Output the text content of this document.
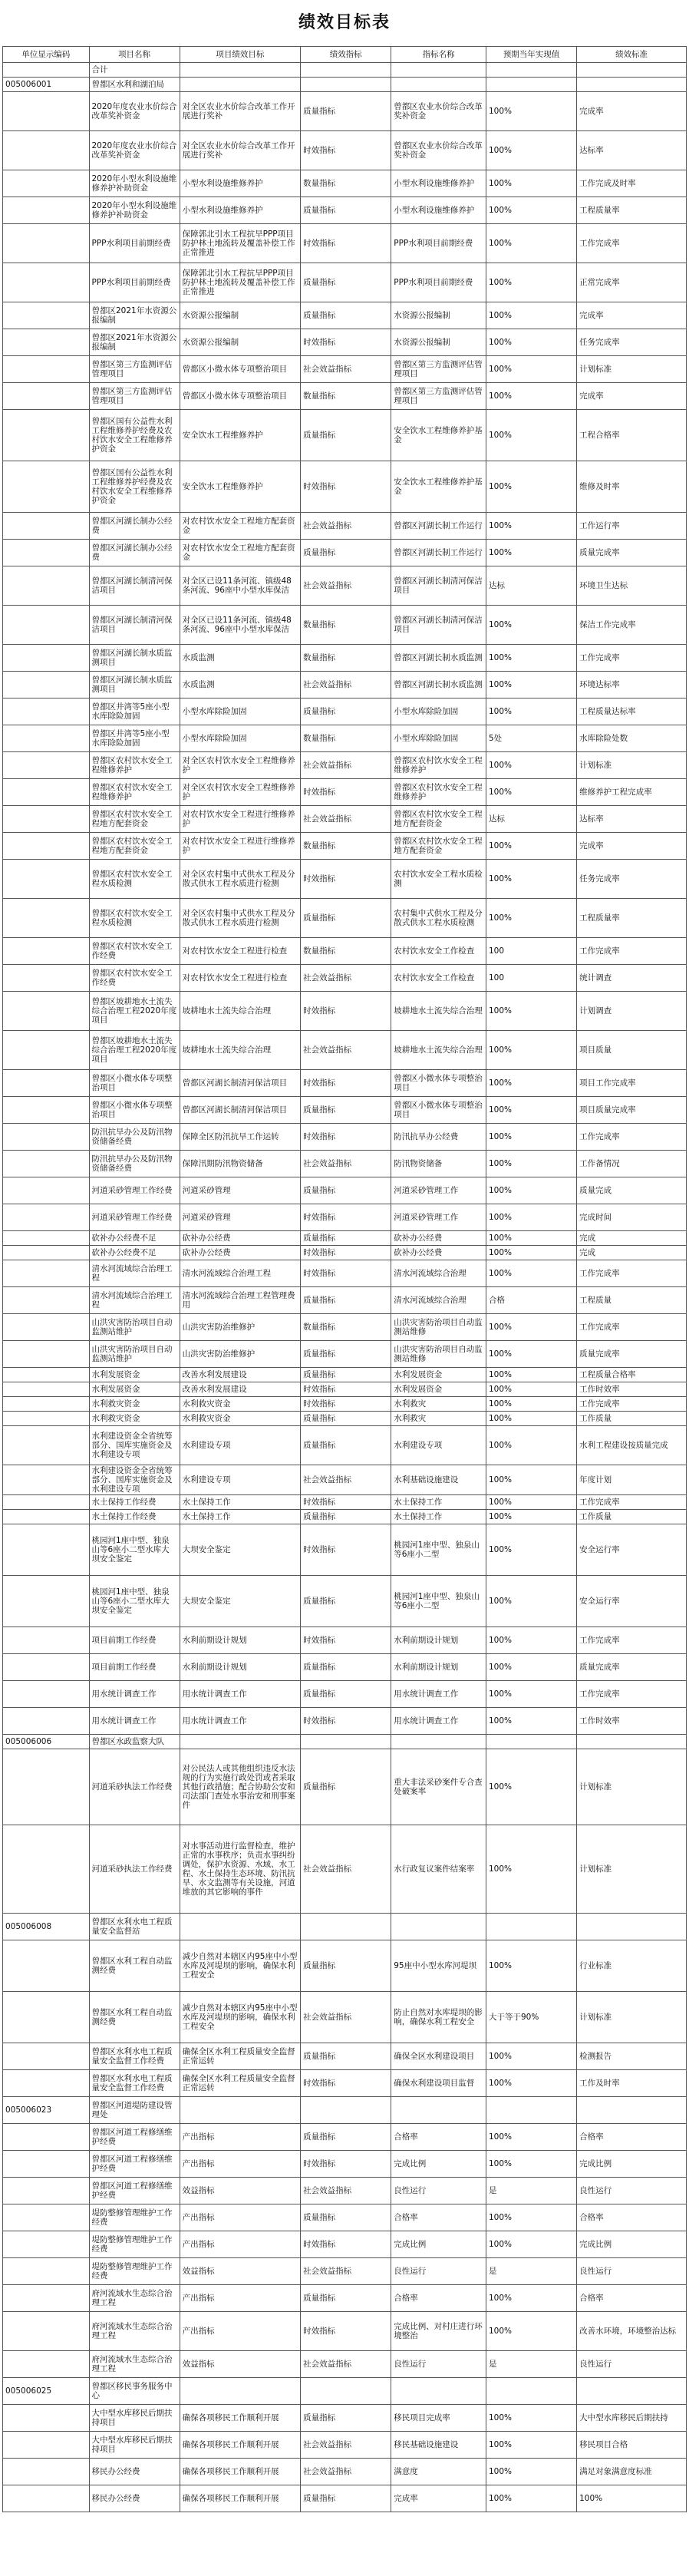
绩效目标表
单位显示编码	项目名称	项目绩效目标	绩效指标	指标名称	预期当年实现值	绩效标准
	合计					
005006001	曾都区水利和湖泊局					
	2020年度农业水价综合改革奖补资金	对全区农业水价综合改革工作开展进行奖补	质量指标	曾都区农业水价综合改革奖补资金	100%	完成率
	2020年度农业水价综合改革奖补资金	对全区农业水价综合改革工作开展进行奖补	时效指标	曾都区农业水价综合改革奖补资金	100%	达标率
	2020年小型水利设施维修养护补助资金	小型水利设施维修养护	数量指标	小型水利设施维修养护	100%	工作完成及时率
	2020年小型水利设施维修养护补助资金	小型水利设施维修养护	质量指标	小型水利设施维修养护	100%	工程质量率
	PPP水利项目前期经费	保障郭北引水工程抗旱PPP项目防护林土地流转及覆盖补偿工作正常推进	时效指标	PPP水利项目前期经费	100%	工作完成率
	PPP水利项目前期经费	保障郭北引水工程抗旱PPP项目防护林土地流转及覆盖补偿工作正常推进	质量指标	PPP水利项目前期经费	100%	正常完成率
	曾都区2021年水资源公报编制	水资源公报编制	质量指标	水资源公报编制	100%	完成率
	曾都区2021年水资源公报编制	水资源公报编制	时效指标	水资源公报编制	100%	任务完成率
	曾都区第三方监测评估管理项目	曾都区小微水体专项整治项目	社会效益指标	曾都区第三方监测评估管理项目	100%	计划标准
	曾都区第三方监测评估管理项目	曾都区小微水体专项整治项目	数量指标	曾都区第三方监测评估管理项目	100%	完成率
	曾都区国有公益性水利工程维修养护经费及农村饮水安全工程维修养护资金	安全饮水工程维修养护	质量指标	安全饮水工程维修养护基金	100%	工程合格率
	曾都区国有公益性水利工程维修养护经费及农村饮水安全工程维修养护资金	安全饮水工程维修养护	时效指标	安全饮水工程维修养护基金	100%	维修及时率
	曾都区河湖长制办公经费	对农村饮水安全工程地方配套资金	社会效益指标	曾都区河湖长制工作运行	100%	工作运行率
	曾都区河湖长制办公经费	对农村饮水安全工程地方配套资金	质量指标	曾都区河湖长制工作运行	100%	质量完成率
	曾都区河湖长制清河保洁项目	对全区已设11条河流、镇级48条河流、96座中小型水库保洁	社会效益指标	曾都区河湖长制清河保洁项目	达标	环境卫生达标
	曾都区河湖长制清河保洁项目	对全区已设11条河流、镇级48条河流、96座中小型水库保洁	数量指标	曾都区河湖长制清河保洁项目	100%	保洁工作完成率
	曾都区河湖长制水质监测项目	水质监测	数量指标	曾都区河湖长制水质监测	100%	工作完成率
	曾都区河湖长制水质监测项目	水质监测	社会效益指标	曾都区河湖长制水质监测	100%	环境达标率
	曾都区井湾等5座小型水库除险加固	小型水库除险加固	质量指标	小型水库除险加固	100%	工程质量达标率
	曾都区井湾等5座小型水库除险加固	小型水库除险加固	数量指标	小型水库除险加固	5处	水库除险处数
	曾都区农村饮水安全工程维修养护	对全区农村饮水安全工程维修养护	社会效益指标	曾都区农村饮水安全工程维修养护	100%	计划标准
	曾都区农村饮水安全工程维修养护	对全区农村饮水安全工程维修养护	时效指标	曾都区农村饮水安全工程维修养护	100%	维修养护工程完成率
	曾都区农村饮水安全工程地方配套资金	对农村饮水安全工程进行维修养护	社会效益指标	曾都区农村饮水安全工程地方配套资金	达标	达标率
	曾都区农村饮水安全工程地方配套资金	对农村饮水安全工程进行维修养护	数量指标	曾都区农村饮水安全工程地方配套资金	100%	完成率
	曾都区农村饮水安全工程水质检测	对全区农村集中式供水工程及分散式供水工程水质进行检测	时效指标	农村饮水安全工程水质检测	100%	任务完成率
	曾都区农村饮水安全工程水质检测	对全区农村集中式供水工程及分散式供水工程水质进行检测	质量指标	农村集中式供水工程及分散式供水工程水质检测	100%	工程质量率
	曾都区农村饮水安全工作经费	对农村饮水安全工程进行检查	数量指标	农村饮水安全工作检查	100	工作完成率
	曾都区农村饮水安全工作经费	对农村饮水安全工程进行检查	社会效益指标	农村饮水安全工作检查	100	统计调查
	曾都区坡耕地水土流失综合治理工程2020年度项目	坡耕地水土流失综合治理	时效指标	坡耕地水土流失综合治理	100%	计划调查
	曾都区坡耕地水土流失综合治理工程2020年度项目	坡耕地水土流失综合治理	社会效益指标	坡耕地水土流失综合治理	100%	项目质量
	曾都区小微水体专项整治项目	曾都区河湖长制清河保洁项目	时效指标	曾都区小微水体专项整治项目	100%	项目工作完成率
	曾都区小微水体专项整治项目	曾都区河湖长制清河保洁项目	质量指标	曾都区小微水体专项整治项目	100%	项目质量完成率
	防汛抗旱办公及防汛物资储备经费	保障全区防汛抗旱工作运转	时效指标	防汛抗旱办公经费	100%	工作完成率
	防汛抗旱办公及防汛物资储备经费	保障汛期防汛物资储备	社会效益指标	防汛物资储备	100%	工作备情况
	河道采砂管理工作经费	河道采砂管理	质量指标	河道采砂管理工作	100%	质量完成
	河道采砂管理工作经费	河道采砂管理	时效指标	河道采砂管理工作	100%	完成时间
	砍补办公经费不足	砍补办公经费	质量指标	砍补办公经费	100%	完成
	砍补办公经费不足	砍补办公经费	时效指标	砍补办公经费	100%	完成
	清水河流域综合治理工程	清水河流域综合治理工程	时效指标	清水河流域综合治理	100%	工作完成率
	清水河流域综合治理工程	清水河流域综合治理工程管理费用	质量指标	清水河流域综合治理	合格	工程质量
	山洪灾害防治项目自动监测站维护	山洪灾害防治维修护	数量指标	山洪灾害防治项目自动监测站维修	100%	工作完成率
	山洪灾害防治项目自动监测站维护	山洪灾害防治维修护	质量指标	山洪灾害防治项目自动监测站维修	100%	质量完成率
	水利发展资金	改善水利发展建设	质量指标	水利发展资金	100%	工程质量合格率
	水利发展资金	改善水利发展建设	时效指标	水利发展资金	100%	工作时效率
	水利救灾资金	水利救灾资金	时效指标	水利救灾	100%	工作完成率
	水利救灾资金	水利救灾资金	质量指标	水利救灾	100%	工作质量
	水利建设资金全省统筹部分、国库实施资金及水利建设专项	水利建设专项	质量指标	水利建设专项	100%	水利工程建设按质量完成
	水利建设资金全省统筹部分、国库实施资金及水利建设专项	水利建设专项	社会效益指标	水利基础设施建设	100%	年度计划
	水土保持工作经费	水土保持工作	时效指标	水土保持工作	100%	工作完成率
	水土保持工作经费	水土保持工作	质量指标	水土保持工作	100%	工作质量
	桃园河1座中型、独泉山等6座小二型水库大坝安全鉴定	大坝安全鉴定	时效指标	桃园河1座中型、独泉山等6座小二型	100%	安全运行率
	桃园河1座中型、独泉山等6座小二型水库大坝安全鉴定	大坝安全鉴定	质量指标	桃园河1座中型、独泉山等6座小二型	100%	安全运行率
	项目前期工作经费	水利前期设计规划	时效指标	水利前期设计规划	100%	工作完成率
	项目前期工作经费	水利前期设计规划	质量指标	水利前期设计规划	100%	质量完成率
	用水统计调查工作	用水统计调查工作	质量指标	用水统计调查工作	100%	工作完成率
	用水统计调查工作	用水统计调查工作	时效指标	用水统计调查工作	100%	工作时效率
005006006	曾都区水政监察大队					
	河道采砂执法工作经费	对公民法人或其他组织违反水法规的行为实施行政处罚或者采取其他行政措施；配合协助公安和司法部门查处水事治安和刑事案件	质量指标	重大非法采砂案件专合查处破案率	100%	计划标准
	河道采砂执法工作经费	对水事活动进行监督检查，维护正常的水事秩序；负责水事纠纷调处，保护水资源、水域、水工程、水土保持生态环境、防汛抗旱、水文监测等有关设施，河道堆放的其它影响的事件	社会效益指标	水行政复议案件结案率	100%	计划标准
005006008	曾都区水利水电工程质量安全监督站					
	曾都区水利工程自动监测经费	减少自然对本辖区内95座中小型水库及河堤坝的影响，确保水利工程安全	质量指标	95座中小型水库河堤坝	100%	行业标准
	曾都区水利工程自动监测经费	减少自然对本辖区内95座中小型水库及河堤坝的影响，确保水利工程安全	社会效益指标	防止自然对水库堤坝的影响，确保水利工程安全	大于等于90%	计划标准
	曾都区水利水电工程质量安全监督工作经费	确保全区水利工程质量安全监督正常运转	质量指标	确保全区水利建设项目	100%	检测报告
	曾都区水利水电工程质量安全监督工作经费	确保全区水利工程质量安全监督正常运转	时效指标	确保水利建设项目监督	100%	工作及时率
005006023	曾都区河道堤防建设管理处					
	曾都区河道工程修缮维护经费	产出指标	质量指标	合格率	100%	合格率
	曾都区河道工程修缮维护经费	产出指标	时效指标	完成比例	100%	完成比例
	曾都区河道工程修缮维护经费	效益指标	社会效益指标	良性运行	是	良性运行
	堤防整修管理维护工作经费	产出指标	质量指标	合格率	100%	合格率
	堤防整修管理维护工作经费	产出指标	时效指标	完成比例	100%	完成比例
	堤防整修管理维护工作经费	效益指标	社会效益指标	良性运行	是	良性运行
	府河流域水生态综合治理工程	产出指标	质量指标	合格率	100%	合格率
	府河流域水生态综合治理工程	产出指标	时效指标	完成比例、对村庄进行环境整治	100%	改善水环境，环境整治达标
	府河流域水生态综合治理工程	效益指标	社会效益指标	良性运行	是	良性运行
005006025	曾都区移民事务服务中心					
	大中型水库移民后期扶持项目	确保各项移民工作顺利开展	质量指标	移民项目完成率	100%	大中型水库移民后期扶持
	大中型水库移民后期扶持项目	确保各项移民工作顺利开展	社会效益指标	移民基础设施建设	100%	移民项目合格
	移民办公经费	确保各项移民工作顺利开展	社会效益指标	满意度	100%	满足对象满意度标准
	移民办公经费	确保各项移民工作顺利开展	质量指标	完成率	100%	100%
